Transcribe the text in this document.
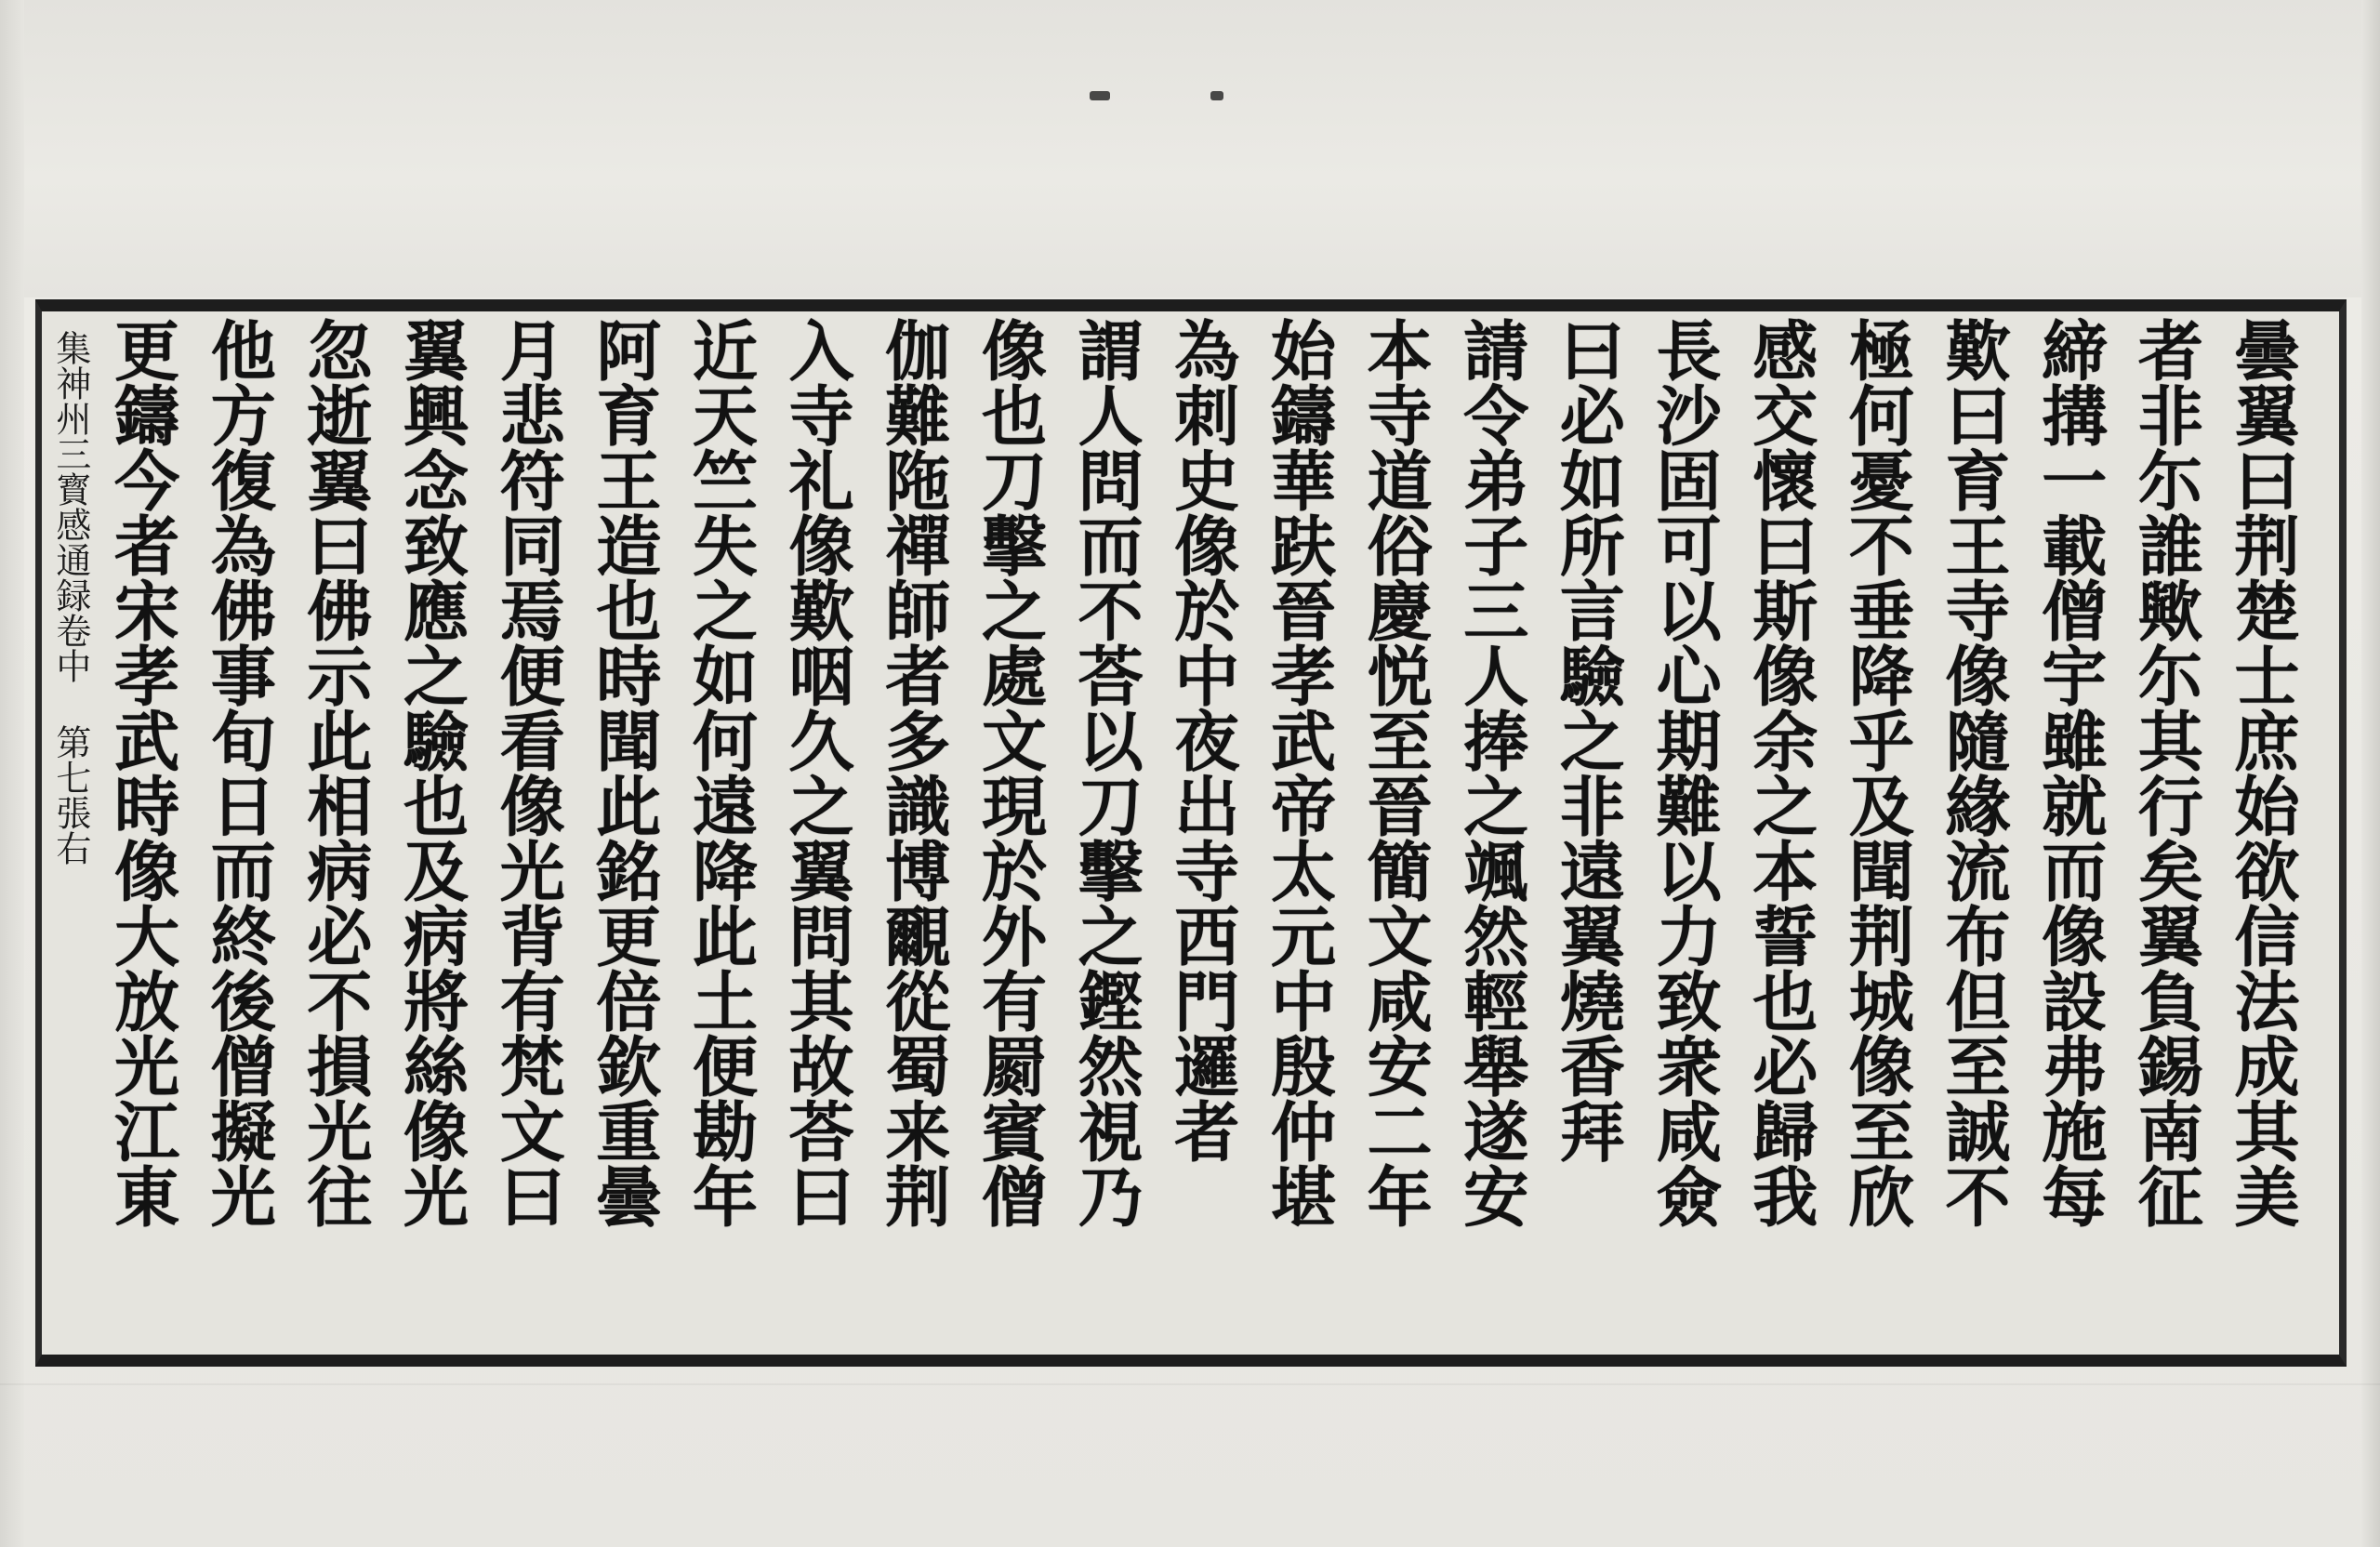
曇翼曰荆楚士庶始欲信法成其美
者非尓誰歟尓其行矣翼負錫南征
締搆一載僧宇雖就而像設弗施每
歎曰育王寺像隨緣流布但至誠不
極何憂不垂降乎及聞荆城像至欣
感交懷曰斯像余之本誓也必歸我
長沙固可以心期難以力致衆咸僉
曰必如所言驗之非遠翼燒香拜
請令弟子三人捧之颯然輕舉遂安
本寺道俗慶悦至晉簡文咸安二年
始鑄華趺晉孝武帝太元中殷仲堪
為刺史像於中夜出寺西門邏者
謂人問而不荅以刀擊之鏗然視乃
像也刀擊之處文現於外有罽賓僧
伽難陁禪師者多識博覼從蜀来荆
入寺礼像歎咽久之翼問其故荅曰
近天竺失之如何遠降此土便勘年
阿育王造也時聞此銘更倍欽重曇
月悲符同焉便看像光背有梵文曰
翼興念致應之驗也及病將絲像光
忽逝翼曰佛示此相病必不損光往
他方復為佛事旬日而終後僧擬光
更鑄今者宋孝武時像大放光江東
集神州三寳感通録卷中 第七張右
